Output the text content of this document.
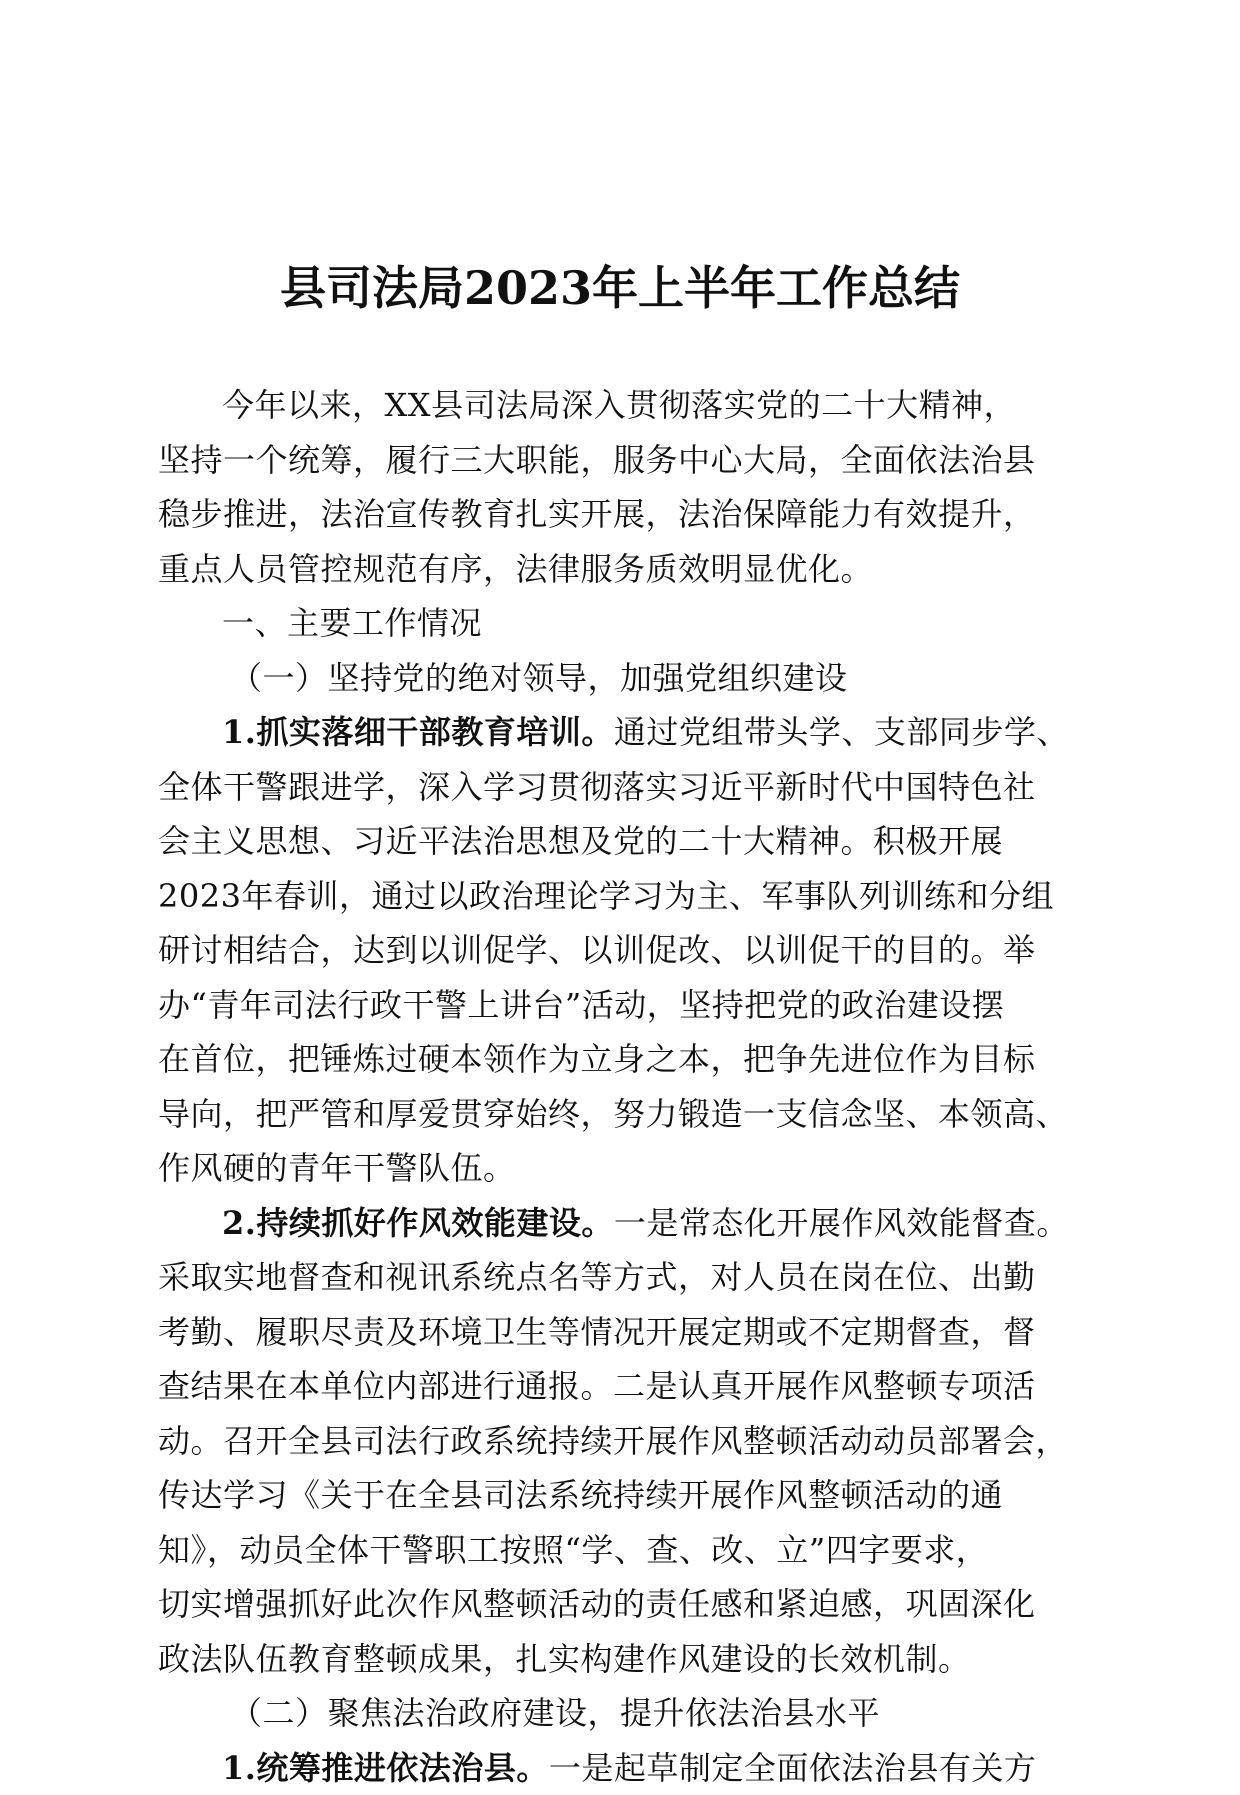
县司法局2023年上半年工作总结
今年以来，XX县司法局深入贯彻落实党的二十大精神，
坚持一个统筹，履行三大职能，服务中心大局，全面依法治县
稳步推进，法治宣传教育扎实开展，法治保障能力有效提升，
重点人员管控规范有序，法律服务质效明显优化。
一、主要工作情况
（一）坚持党的绝对领导，加强党组织建设
1.抓实落细干部教育培训。通过党组带头学、支部同步学、
全体干警跟进学，深入学习贯彻落实习近平新时代中国特色社
会主义思想、习近平法治思想及党的二十大精神。积极开展
2023年春训，通过以政治理论学习为主、军事队列训练和分组
研讨相结合，达到以训促学、以训促改、以训促干的目的。举
办“青年司法行政干警上讲台”活动，坚持把党的政治建设摆
在首位，把锤炼过硬本领作为立身之本，把争先进位作为目标
导向，把严管和厚爱贯穿始终，努力锻造一支信念坚、本领高、
作风硬的青年干警队伍。
2.持续抓好作风效能建设。一是常态化开展作风效能督查。
采取实地督查和视讯系统点名等方式，对人员在岗在位、出勤
考勤、履职尽责及环境卫生等情况开展定期或不定期督查，督
查结果在本单位内部进行通报。二是认真开展作风整顿专项活
动。召开全县司法行政系统持续开展作风整顿活动动员部署会，
传达学习《关于在全县司法系统持续开展作风整顿活动的通
知》，动员全体干警职工按照“学、查、改、立”四字要求，
切实增强抓好此次作风整顿活动的责任感和紧迫感，巩固深化
政法队伍教育整顿成果，扎实构建作风建设的长效机制。
（二）聚焦法治政府建设，提升依法治县水平
1.统筹推进依法治县。一是起草制定全面依法治县有关方
